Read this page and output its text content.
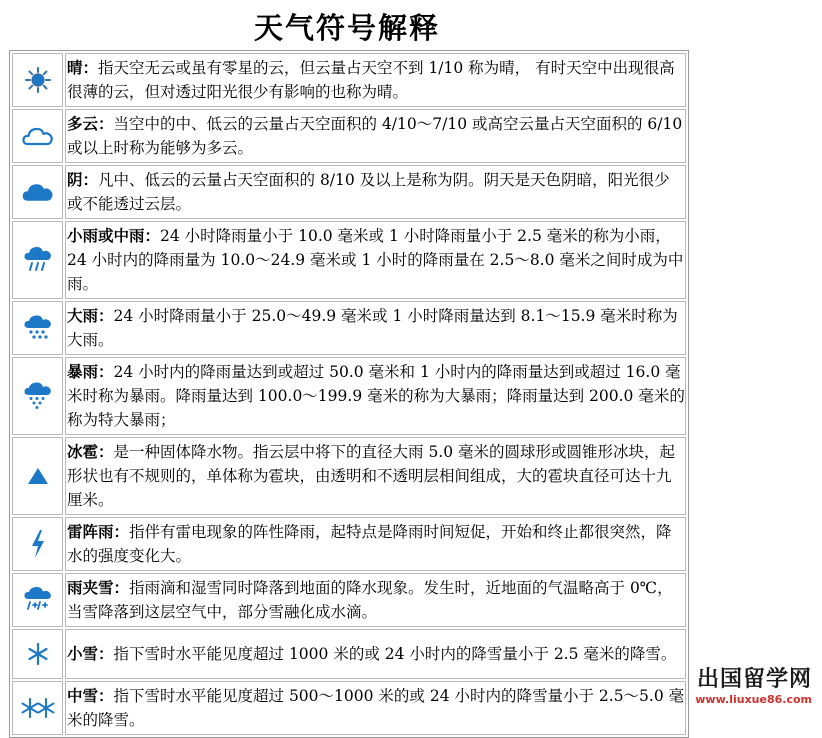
天气符号解释
	晴：指天空无云或虽有零星的云，但云量占天空不到 1/10 称为晴， 有时天空中出现很高很薄的云，但对透过阳光很少有影响的也称为晴。

	多云：当空中的中、低云的云量占天空面积的 4/10～7/10 或高空云量占天空面积的 6/10 或以上时称为能够为多云。

	阴：凡中、低云的云量占天空面积的 8/10 及以上是称为阴。阴天是天色阴暗，阳光很少或不能透过云层。

	小雨或中雨：24 小时降雨量小于 10.0 毫米或 1 小时降雨量小于 2.5 毫米的称为小雨，24 小时内的降雨量为 10.0～24.9 毫米或 1 小时的降雨量在 2.5～8.0 毫米之间时成为中雨。

	大雨：24 小时降雨量小于 25.0～49.9 毫米或 1 小时降雨量达到 8.1～15.9 毫米时称为大雨。

	暴雨：24 小时内的降雨量达到或超过 50.0 毫米和 1 小时内的降雨量达到或超过 16.0 毫米时称为暴雨。降雨量达到 100.0～199.9 毫米的称为大暴雨；降雨量达到 200.0 毫米的称为特大暴雨；

	冰雹：是一种固体降水物。指云层中将下的直径大雨 5.0 毫米的圆球形或圆锥形冰块，起形状也有不规则的，单体称为雹块，由透明和不透明层相间组成，大的雹块直径可达十九厘米。

	雷阵雨：指伴有雷电现象的阵性降雨，起特点是降雨时间短促，开始和终止都很突然，降水的强度变化大。

	雨夹雪：指雨滴和湿雪同时降落到地面的降水现象。发生时，近地面的气温略高于 0℃，当雪降落到这层空气中，部分雪融化成水滴。

	小雪：指下雪时水平能见度超过 1000 米的或 24 小时内的降雪量小于 2.5 毫米的降雪。

	中雪：指下雪时水平能见度超过 500～1000 米的或 24 小时内的降雪量小于 2.5～5.0 毫米的降雪。
出国留学网
www.liuxue86.com
